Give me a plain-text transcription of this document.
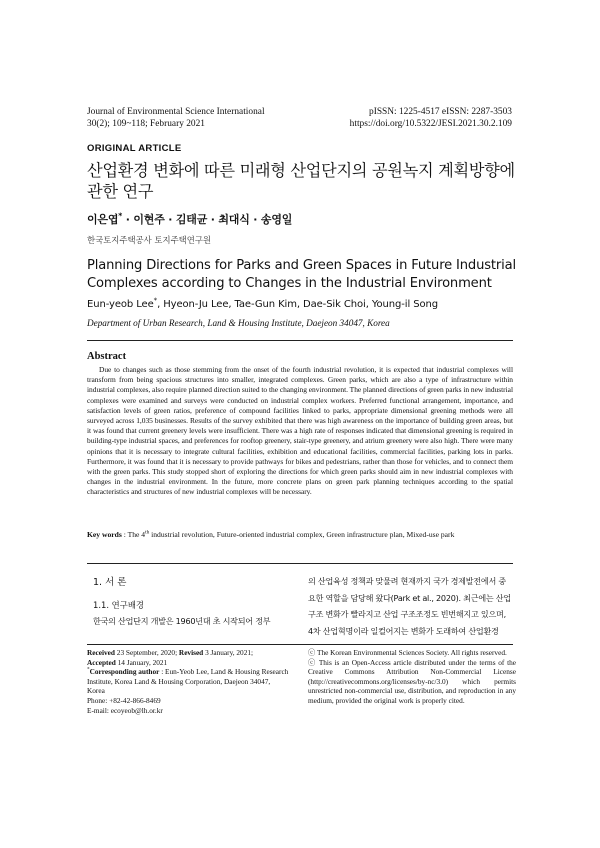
Journal of Environmental Science International
30(2); 109~118; February 2021
pISSN: 1225-4517 eISSN: 2287-3503
https://doi.org/10.5322/JESI.2021.30.2.109
ORIGINAL ARTICLE
산업환경 변화에 따른 미래형 산업단지의 공원녹지 계획방향에
관한 연구
이은엽* · 이현주 · 김태균 · 최대식 · 송영일
한국토지주택공사 토지주택연구원
Planning Directions for Parks and Green Spaces in Future Industrial
Complexes according to Changes in the Industrial Environment
Eun-yeob Lee*, Hyeon-Ju Lee, Tae-Gun Kim, Dae-Sik Choi, Young-il Song
Department of Urban Research, Land & Housing Institute, Daejeon 34047, Korea
Abstract
Due to changes such as those stemming from the onset of the fourth industrial revolution, it is expected that industrial complexes will transform from being spacious structures into smaller, integrated complexes. Green parks, which are also a type of infrastructure within industrial complexes, also require planned direction suited to the changing environment. The planned directions of green parks in new industrial complexes were examined and surveys were conducted on industrial complex workers. Preferred functional arrangement, importance, and satisfaction levels of green ratios, preference of compound facilities linked to parks, appropriate dimensional greening methods were all surveyed across 1,035 businesses. Results of the survey exhibited that there was high awareness on the importance of building green areas, but it was found that current greenery levels were insufficient. There was a high rate of responses indicated that dimensional greening is required in building-type industrial spaces, and preferences for rooftop greenery, stair-type greenery, and atrium greenery were also high. There were many opinions that it is necessary to integrate cultural facilities, exhibition and educational facilities, commercial facilities, parking lots in parks. Furthermore, it was found that it is necessary to provide pathways for bikes and pedestrians, rather than those for vehicles, and to connect them with the green parks. This study stopped short of exploring the directions for which green parks should aim in new industrial complexes with changes in the industrial environment. In the future, more concrete plans on green park planning techniques according to the spatial characteristics and structures of new industrial complexes will be necessary.
Key words : The 4th industrial revolution, Future-oriented industrial complex, Green infrastructure plan, Mixed-use park
1. 서 론
1.1. 연구배경
한국의 산업단지 개발은 1960년대 초 시작되어 정부
의 산업육성 정책과 맞물려 현재까지 국가 경제발전에서 중
요한 역할을 담당해 왔다(Park et al., 2020). 최근에는 산업
구조 변화가 빨라지고 산업 구조조정도 빈번해지고 있으며,
4차 산업혁명이라 일컬어지는 변화가 도래하여 산업환경
Received 23 September, 2020; Revised 3 January, 2021;
Accepted 14 January, 2021
*Corresponding author : Eun-Yeob Lee, Land & Housing Research
Institute, Korea Land & Housing Corporation, Daejeon 34047,
Korea
Phone: +82-42-866-8469
E-mail: ecoyeob@lh.or.kr
ⓒ The Korean Environmental Sciences Society. All rights reserved.
ⓒ This is an Open-Access article distributed under the terms of the Creative Commons Attribution Non-Commercial License (http://creativecommons.org/licenses/by-nc/3.0) which permits unrestricted non-commercial use, distribution, and reproduction in any medium, provided the original work is properly cited.
